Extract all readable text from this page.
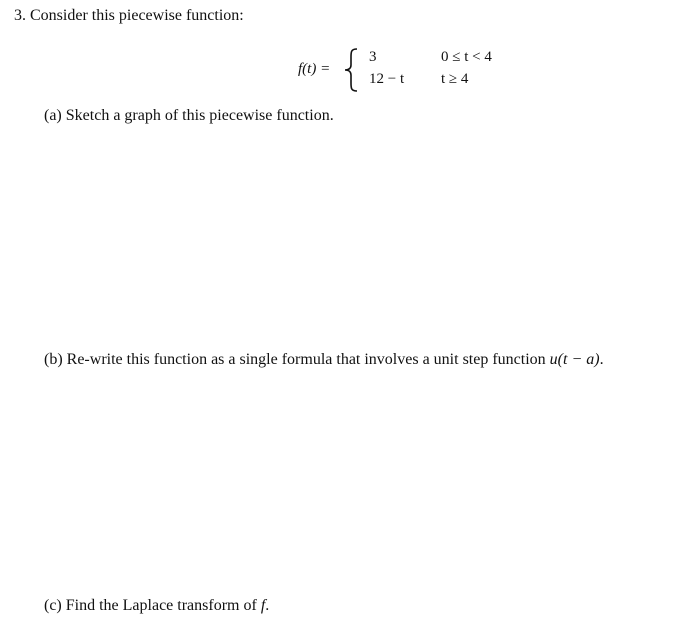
3. Consider this piecewise function:
f(t) =
3
12 − t
0 ≤ t < 4
t ≥ 4
(a) Sketch a graph of this piecewise function.
(b) Re-write this function as a single formula that involves a unit step function u(t − a).
(c) Find the Laplace transform of f.
